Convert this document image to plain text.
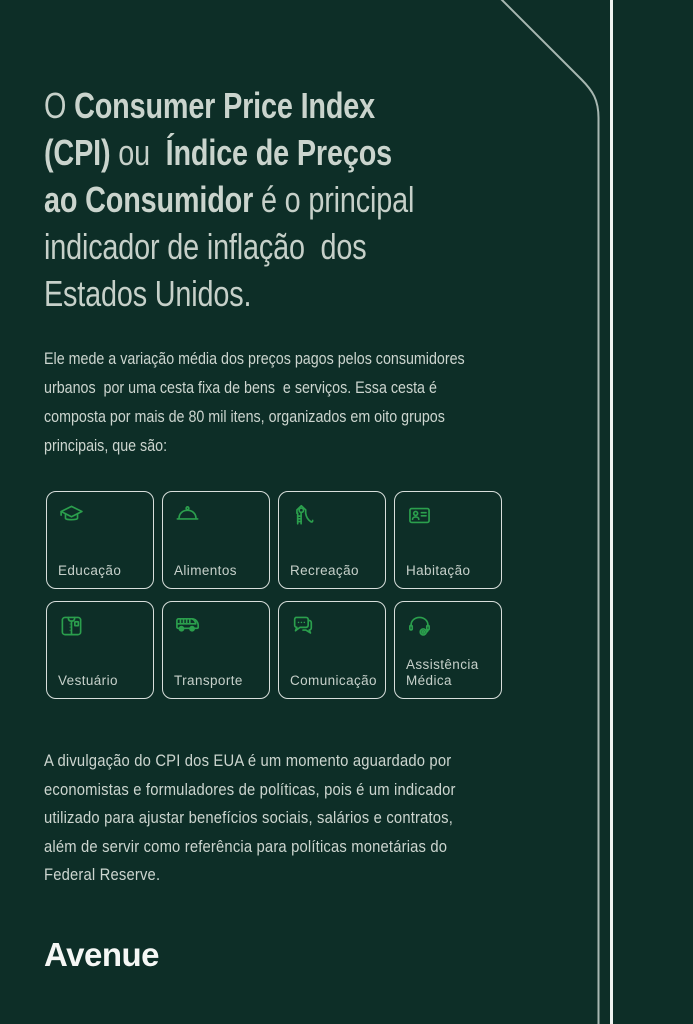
O Consumer Price Index
(CPI) ou  Índice de Preços
ao Consumidor é o principal
indicador de inflação  dos
Estados Unidos.

Ele mede a variação média dos preços pagos pelos consumidores
urbanos  por uma cesta fixa de bens  e serviços. Essa cesta é
composta por mais de 80 mil itens, organizados em oito grupos
principais, que são:

Educação	Alimentos	Recreação	Habitação
Vestuário	Transporte	Comunicação
Assistência Médica

A divulgação do CPI dos EUA é um momento aguardado por
economistas e formuladores de políticas, pois é um indicador
utilizado para ajustar benefícios sociais, salários e contratos,
além de servir como referência para políticas monetárias do
Federal Reserve.

Avenue
